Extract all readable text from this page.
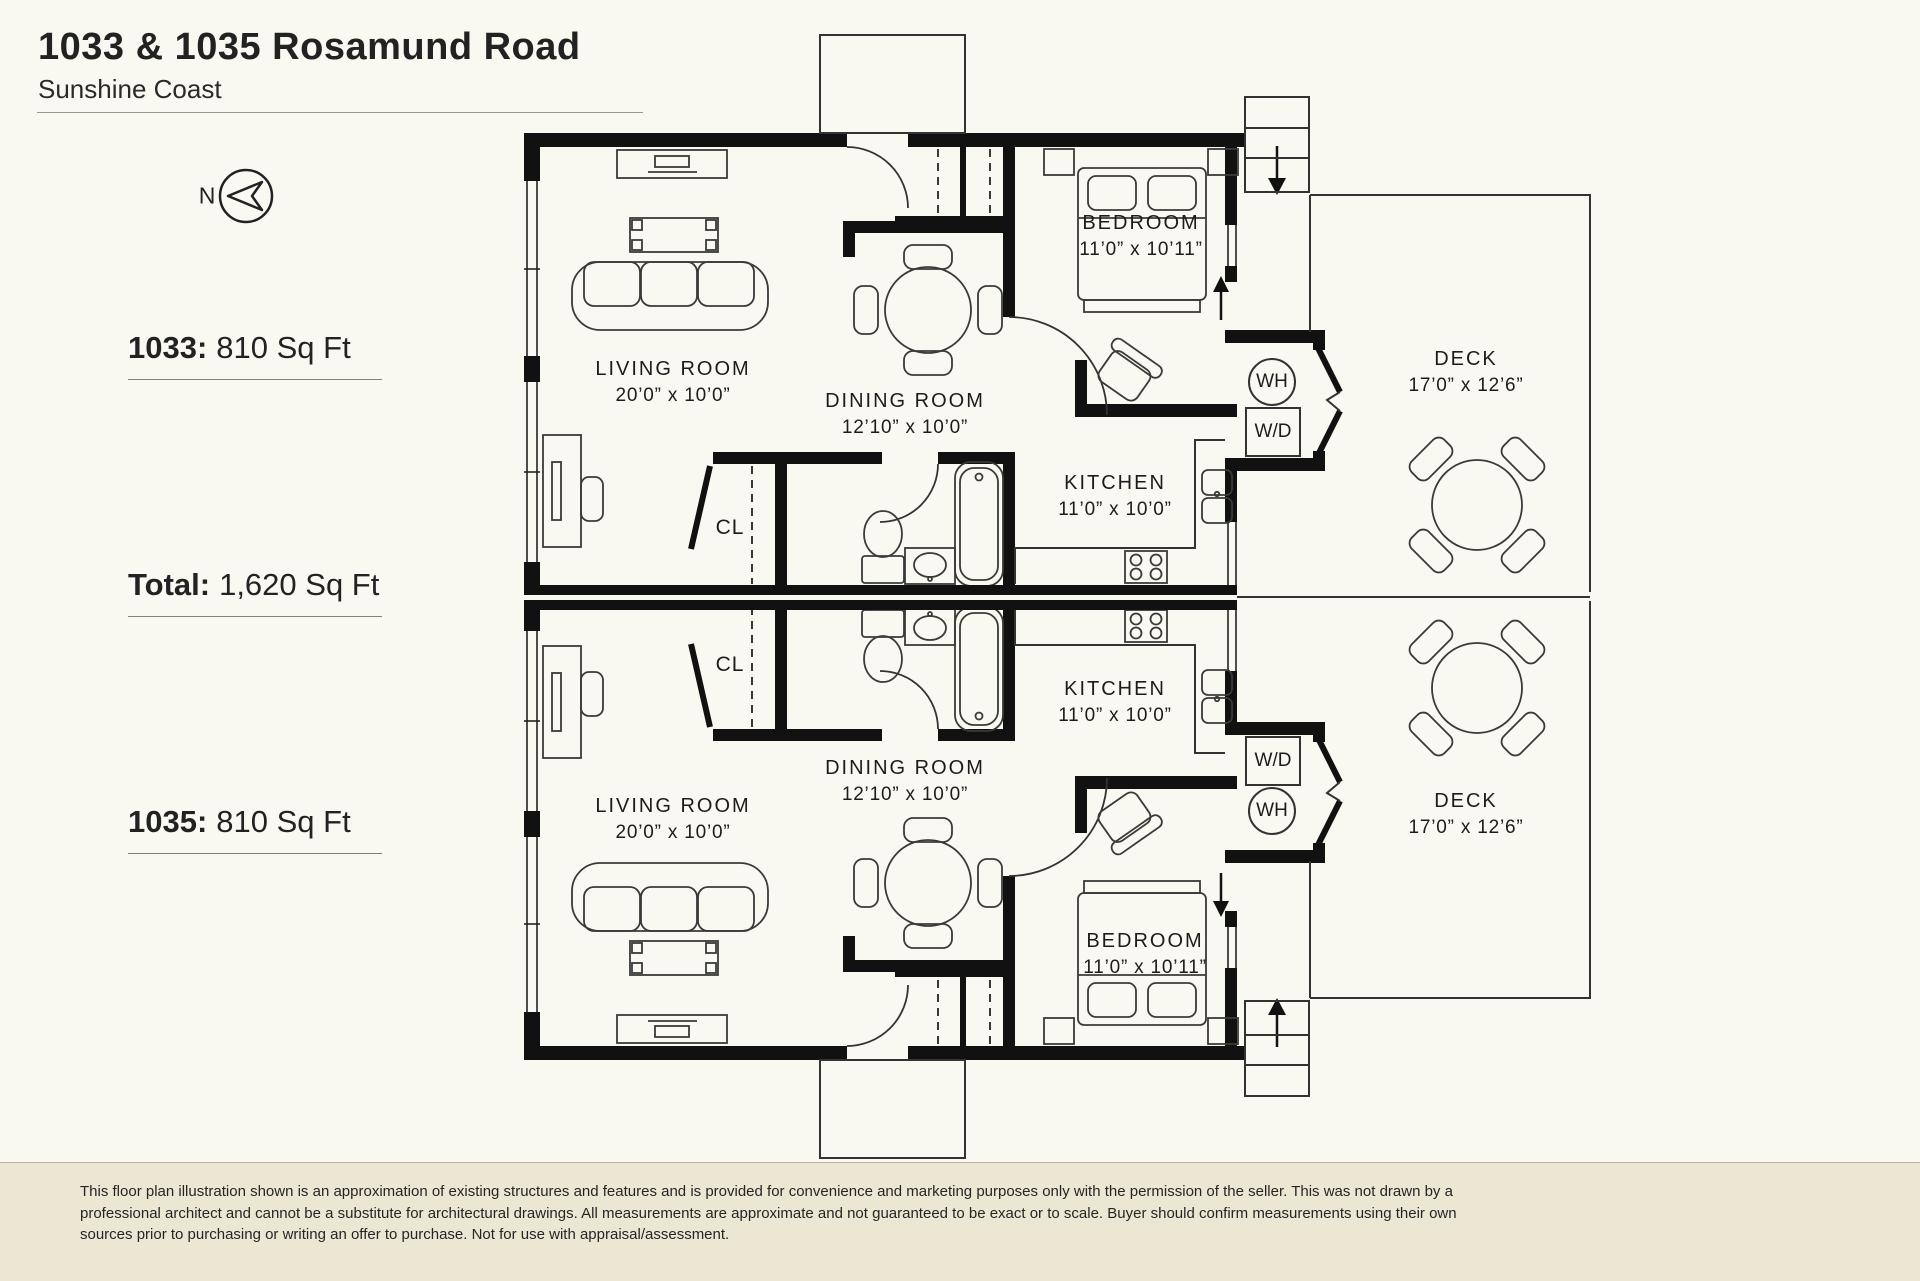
1033 & 1035 Rosamund Road
Sunshine Coast
N
1033: 810 Sq Ft
Total: 1,620 Sq Ft
1035: 810 Sq Ft
LIVING ROOM
20’0” x 10’0”	DINING ROOM
12’10” x 10’0”
KITCHEN
11’0” x 10’0”
BEDROOM
11’0” x 10’11”
DECK
17’0” x 12’6”
CL
WH
W/D
LIVING ROOM
20’0” x 10’0”
DINING ROOM
12’10” x 10’0”
KITCHEN
11’0” x 10’0”
BEDROOM
11’0” x 10’11”
DECK
17’0” x 12’6”
CL
WH
W/D
This floor plan illustration shown is an approximation of existing structures and features and is provided for convenience and marketing purposes only with the permission of the seller. This was not drawn by a professional architect and cannot be a substitute for architectural drawings. All measurements are approximate and not guaranteed to be exact or to scale. Buyer should confirm measurements using their own sources prior to purchasing or writing an offer to purchase. Not for use with appraisal/assessment.
